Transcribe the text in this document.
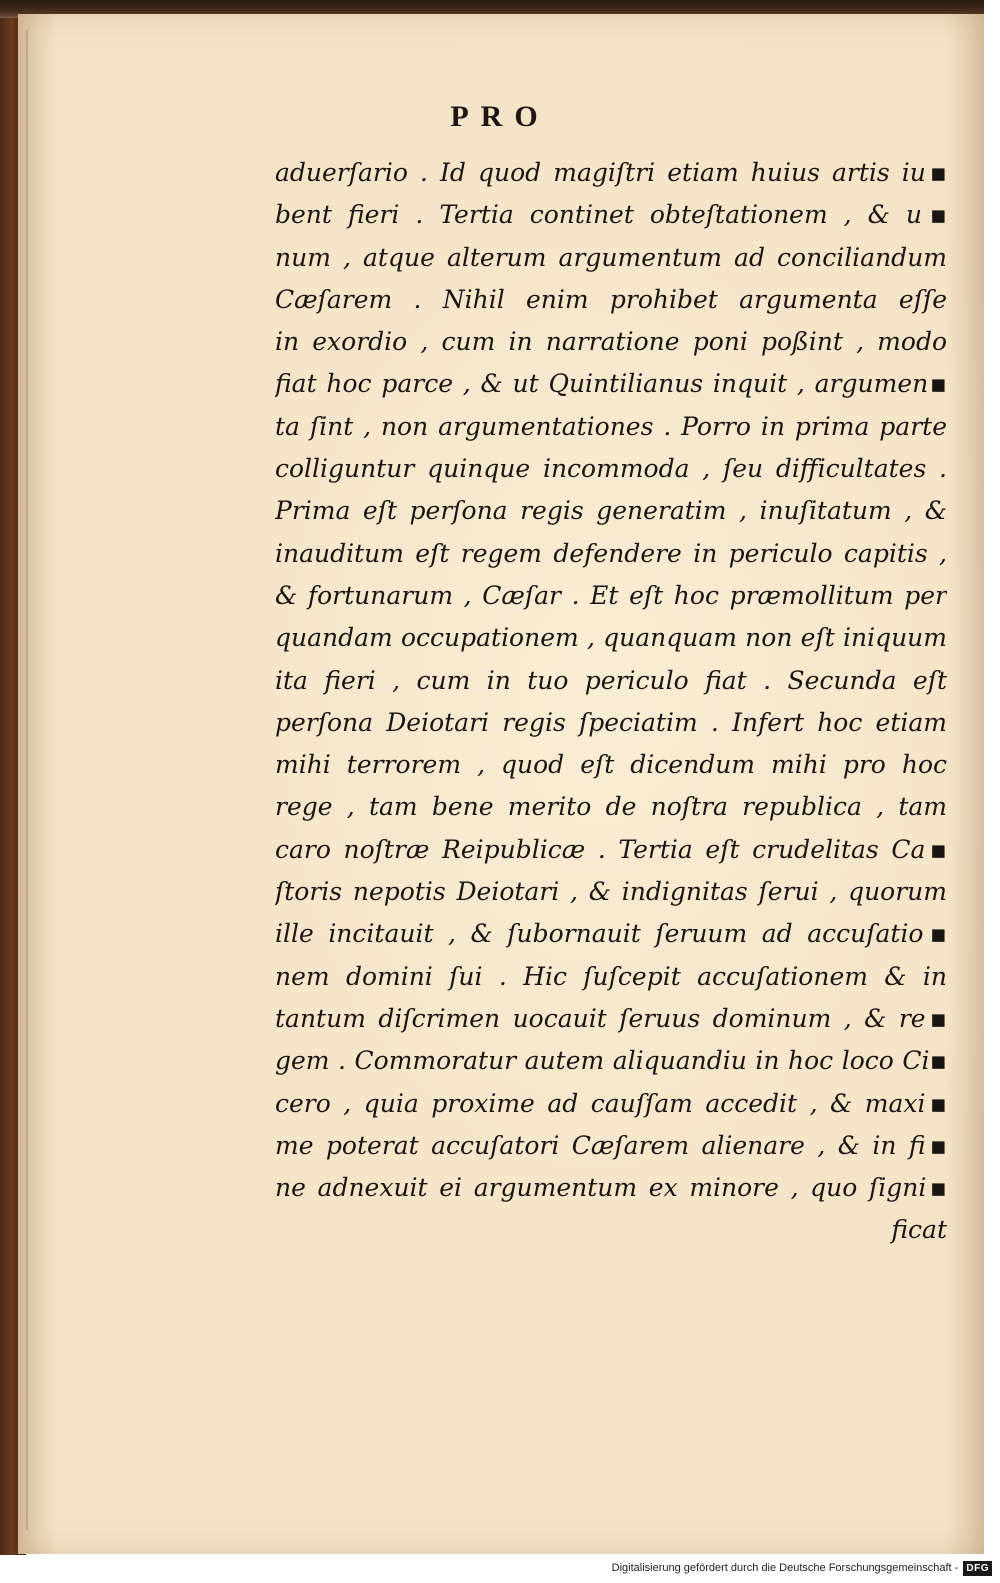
PRO
aduerſario . Id quod magiſtri etiam huius artis iu▪
bent fieri . Tertia continet obteſtationem , & u▪
num , atque alterum argumentum ad conciliandum
Cæſarem . Nihil enim prohibet argumenta eſſe
in exordio , cum in narratione poni poßint , modo
fiat hoc parce , & ut Quintilianus inquit , argumen▪
ta ſint , non argumentationes . Porro in prima parte
colliguntur quinque incommoda , ſeu difficultates .
Prima eſt perſona regis generatim , inuſitatum , &
inauditum eſt regem defendere in periculo capitis ,
& fortunarum , Cæſar . Et eſt hoc præmollitum per
quandam occupationem , quanquam non eſt iniquum
ita fieri , cum in tuo periculo fiat . Secunda eſt
perſona Deiotari regis ſpeciatim . Infert hoc etiam
mihi terrorem , quod eſt dicendum mihi pro hoc
rege , tam bene merito de noſtra republica , tam
caro noſtræ Reipublicæ . Tertia eſt crudelitas Ca▪
ſtoris nepotis Deiotari , & indignitas ſerui , quorum
ille incitauit , & ſubornauit ſeruum ad accuſatio▪
nem domini ſui . Hic ſuſcepit accuſationem & in
tantum diſcrimen uocauit ſeruus dominum , & re▪
gem . Commoratur autem aliquandiu in hoc loco Ci▪
cero , quia proxime ad cauſſam accedit , & maxi▪
me poterat accuſatori Cæſarem alienare , & in fi▪
ne adnexuit ei argumentum ex minore , quo ſigni▪
ficat
Digitalisierung gefördert durch die Deutsche Forschungsgemeinschaft - DFG
